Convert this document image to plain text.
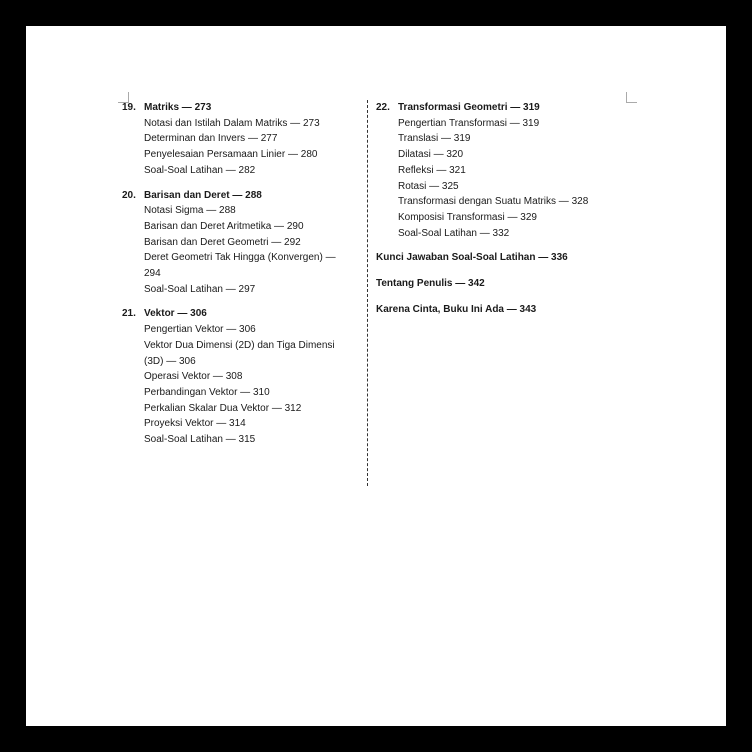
19. Matriks — 273
Notasi dan Istilah Dalam Matriks — 273
Determinan dan Invers — 277
Penyelesaian Persamaan Linier — 280
Soal-Soal Latihan — 282
20. Barisan dan Deret — 288
Notasi Sigma — 288
Barisan dan Deret Aritmetika — 290
Barisan dan Deret Geometri — 292
Deret Geometri Tak Hingga (Konvergen) — 294
Soal-Soal Latihan — 297
21. Vektor — 306
Pengertian Vektor — 306
Vektor Dua Dimensi (2D) dan Tiga Dimensi (3D) — 306
Operasi Vektor — 308
Perbandingan Vektor — 310
Perkalian Skalar Dua Vektor — 312
Proyeksi Vektor — 314
Soal-Soal Latihan — 315
22. Transformasi Geometri — 319
Pengertian Transformasi — 319
Translasi — 319
Dilatasi — 320
Refleksi — 321
Rotasi — 325
Transformasi dengan Suatu Matriks — 328
Komposisi Transformasi — 329
Soal-Soal Latihan — 332
Kunci Jawaban Soal-Soal Latihan — 336
Tentang Penulis — 342
Karena Cinta, Buku Ini Ada — 343
